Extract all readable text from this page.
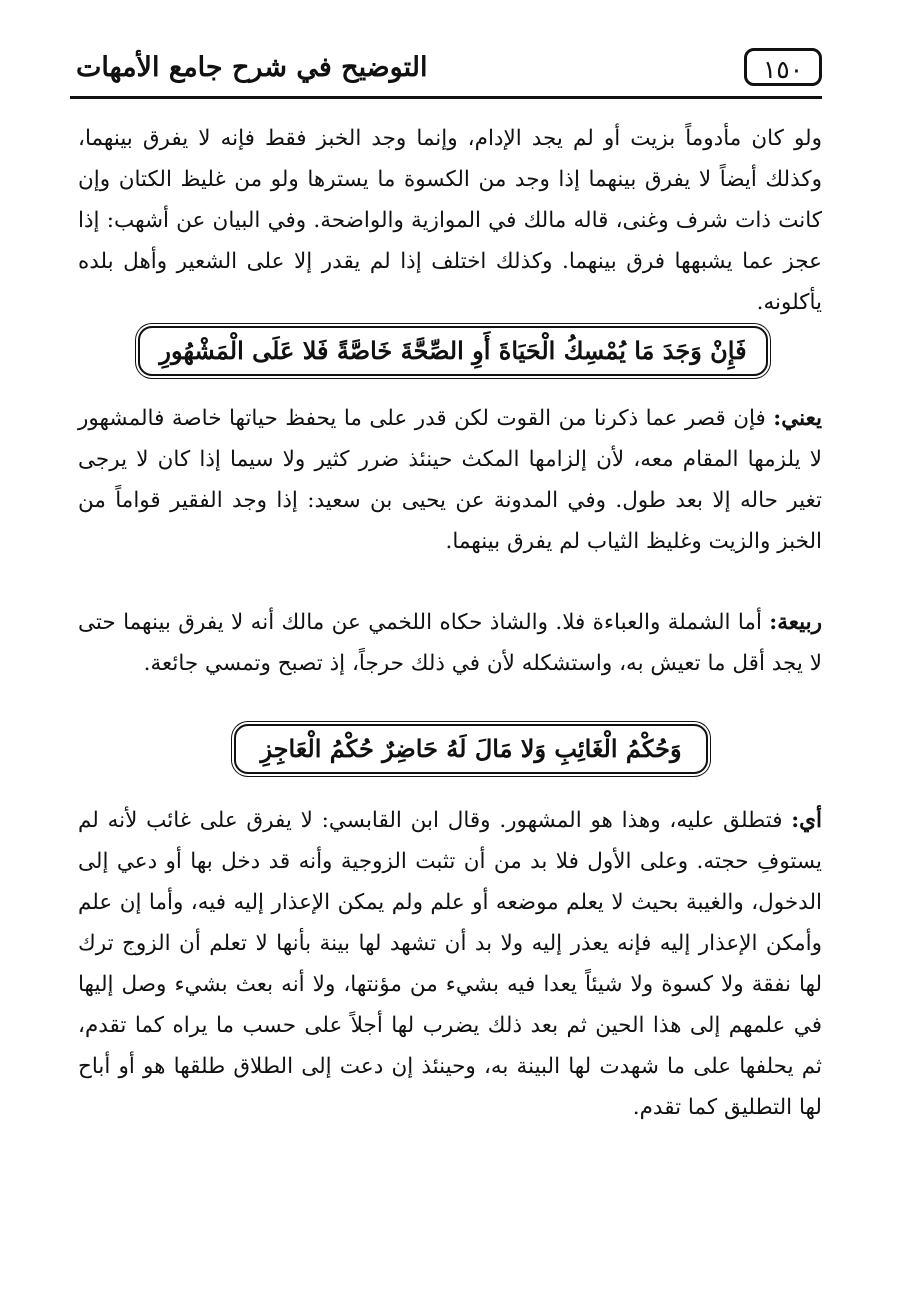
١٥٠
التوضيح في شرح جامع الأمهات
ولو كان مأدوماً بزيت أو لم يجد الإدام، وإنما وجد الخبز فقط فإنه لا يفرق بينهما، وكذلك أيضاً لا يفرق بينهما إذا وجد من الكسوة ما يسترها ولو من غليظ الكتان وإن كانت ذات شرف وغنى، قاله مالك في الموازية والواضحة. وفي البيان عن أشهب: إذا عجز عما يشبهها فرق بينهما. وكذلك اختلف إذا لم يقدر إلا على الشعير وأهل بلده يأكلونه.
فَإِنْ وَجَدَ مَا يُمْسِكُ الْحَيَاةَ أَوِ الصِّحَّةَ خَاصَّةً فَلا عَلَى الْمَشْهُورِ
يعني: فإن قصر عما ذكرنا من القوت لكن قدر على ما يحفظ حياتها خاصة فالمشهور لا يلزمها المقام معه، لأن إلزامها المكث حينئذ ضرر كثير ولا سيما إذا كان لا يرجى تغير حاله إلا بعد طول. وفي المدونة عن يحيى بن سعيد: إذا وجد الفقير قواماً من الخبز والزيت وغليظ الثياب لم يفرق بينهما.
ربيعة: أما الشملة والعباءة فلا. والشاذ حكاه اللخمي عن مالك أنه لا يفرق بينهما حتى لا يجد أقل ما تعيش به، واستشكله لأن في ذلك حرجاً، إذ تصبح وتمسي جائعة.
وَحُكْمُ الْغَائِبِ وَلا مَالَ لَهُ حَاضِرٌ حُكْمُ الْعَاجِزِ
أي: فتطلق عليه، وهذا هو المشهور. وقال ابن القابسي: لا يفرق على غائب لأنه لم يستوفِ حجته. وعلى الأول فلا بد من أن تثبت الزوجية وأنه قد دخل بها أو دعي إلى الدخول، والغيبة بحيث لا يعلم موضعه أو علم ولم يمكن الإعذار إليه فيه، وأما إن علم وأمكن الإعذار إليه فإنه يعذر إليه ولا بد أن تشهد لها بينة بأنها لا تعلم أن الزوج ترك لها نفقة ولا كسوة ولا شيئاً يعدا فيه بشيء من مؤنتها، ولا أنه بعث بشيء وصل إليها في علمهم إلى هذا الحين ثم بعد ذلك يضرب لها أجلاً على حسب ما يراه كما تقدم، ثم يحلفها على ما شهدت لها البينة به، وحينئذ إن دعت إلى الطلاق طلقها هو أو أباح لها التطليق كما تقدم.
